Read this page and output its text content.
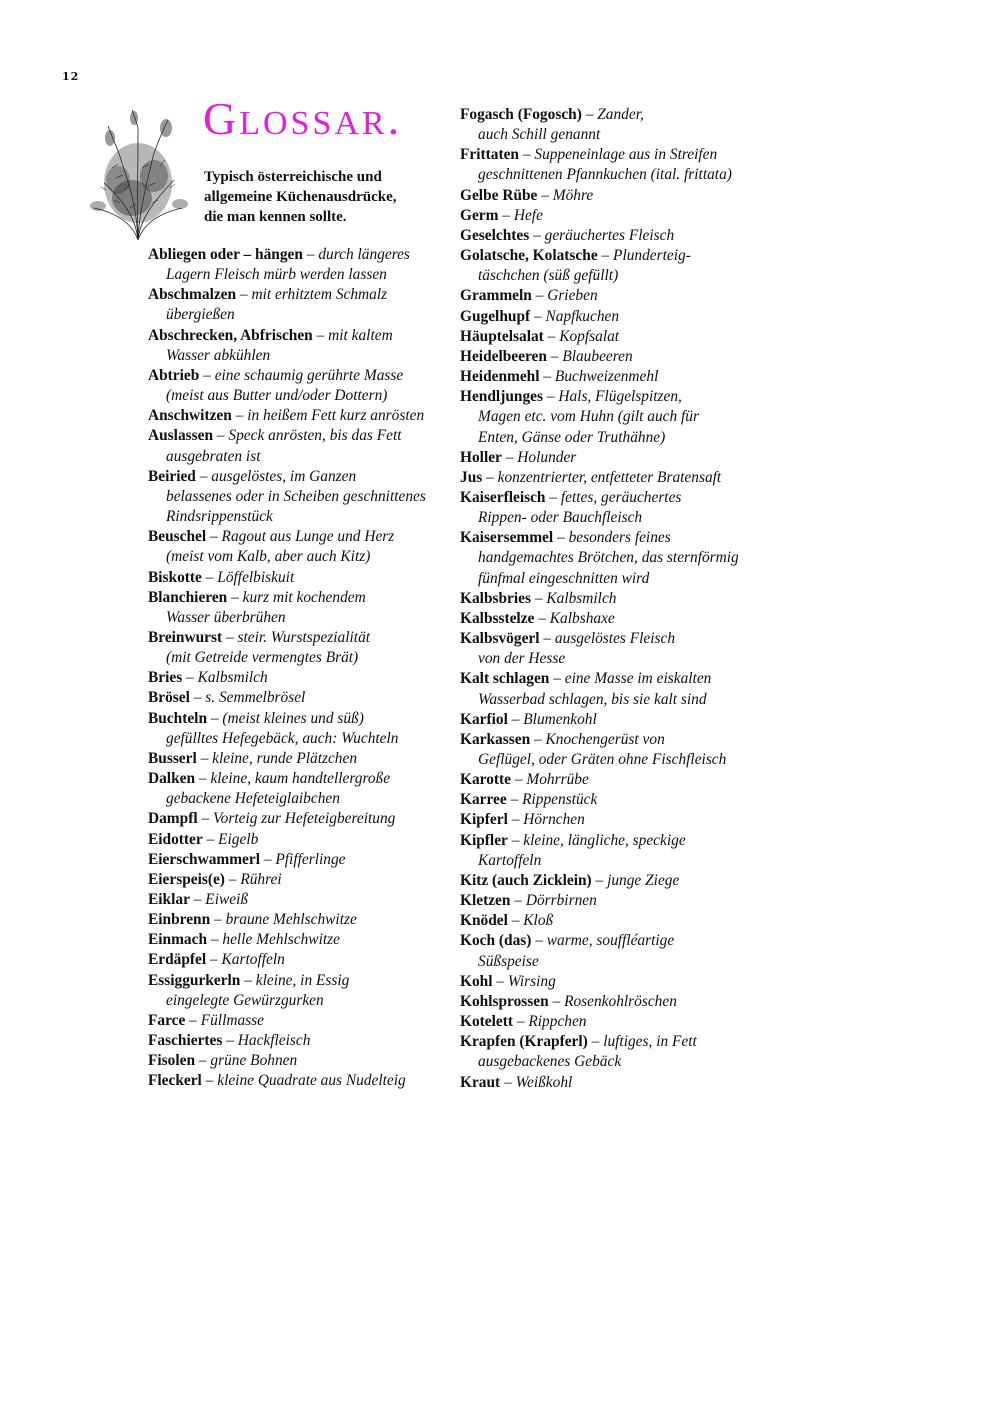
12
GLOSSAR.

Typisch österreichische und
allgemeine Küchenausdrücke,
die man kennen sollte.

Abliegen oder – hängen – durch längeres
Lagern Fleisch mürb werden lassen
Abschmalzen – mit erhitztem Schmalz
übergießen
Abschrecken, Abfrischen – mit kaltem
Wasser abkühlen
Abtrieb – eine schaumig gerührte Masse
(meist aus Butter und/oder Dottern)
Anschwitzen – in heißem Fett kurz anrösten
Auslassen – Speck anrösten, bis das Fett
ausgebraten ist
Beiried – ausgelöstes, im Ganzen
belassenes oder in Scheiben geschnittenes
Rindsrippenstück
Beuschel – Ragout aus Lunge und Herz
(meist vom Kalb, aber auch Kitz)
Biskotte – Löffelbiskuit
Blanchieren – kurz mit kochendem
Wasser überbrühen
Breinwurst – steir. Wurstspezialität
(mit Getreide vermengtes Brät)
Bries – Kalbsmilch
Brösel – s. Semmelbrösel
Buchteln – (meist kleines und süß)
gefülltes Hefegebäck, auch: Wuchteln
Busserl – kleine, runde Plätzchen
Dalken – kleine, kaum handtellergroße
gebackene Hefeteiglaibchen
Dampfl – Vorteig zur Hefeteigbereitung
Eidotter – Eigelb
Eierschwammerl – Pfifferlinge
Eierspeis(e) – Rührei
Eiklar – Eiweiß
Einbrenn – braune Mehlschwitze
Einmach – helle Mehlschwitze
Erdäpfel – Kartoffeln
Essiggurkerln – kleine, in Essig
eingelegte Gewürzgurken
Farce – Füllmasse
Faschiertes – Hackfleisch
Fisolen – grüne Bohnen
Fleckerl – kleine Quadrate aus Nudelteig
Fogasch (Fogosch) – Zander,
auch Schill genannt
Frittaten – Suppeneinlage aus in Streifen
geschnittenen Pfannkuchen (ital. frittata)
Gelbe Rübe – Möhre
Germ – Hefe
Geselchtes – geräuchertes Fleisch
Golatsche, Kolatsche – Plunderteig-
täschchen (süß gefüllt)
Grammeln – Grieben
Gugelhupf – Napfkuchen
Häuptelsalat – Kopfsalat
Heidelbeeren – Blaubeeren
Heidenmehl – Buchweizenmehl
Hendljunges – Hals, Flügelspitzen,
Magen etc. vom Huhn (gilt auch für
Enten, Gänse oder Truthähne)
Holler – Holunder
Jus – konzentrierter, entfetteter Bratensaft
Kaiserfleisch – fettes, geräuchertes
Rippen- oder Bauchfleisch
Kaisersemmel – besonders feines
handgemachtes Brötchen, das sternförmig
fünfmal eingeschnitten wird
Kalbsbries – Kalbsmilch
Kalbsstelze – Kalbshaxe
Kalbsvögerl – ausgelöstes Fleisch
von der Hesse
Kalt schlagen – eine Masse im eiskalten
Wasserbad schlagen, bis sie kalt sind
Karfiol – Blumenkohl
Karkassen – Knochengerüst von
Geflügel, oder Gräten ohne Fischfleisch
Karotte – Mohrrübe
Karree – Rippenstück
Kipferl – Hörnchen
Kipfler – kleine, längliche, speckige
Kartoffeln
Kitz (auch Zicklein) – junge Ziege
Kletzen – Dörrbirnen
Knödel – Kloß
Koch (das) – warme, souffléartige
Süßspeise
Kohl – Wirsing
Kohlsprossen – Rosenkohlröschen
Kotelett – Rippchen
Krapfen (Krapferl) – luftiges, in Fett
ausgebackenes Gebäck
Kraut – Weißkohl
